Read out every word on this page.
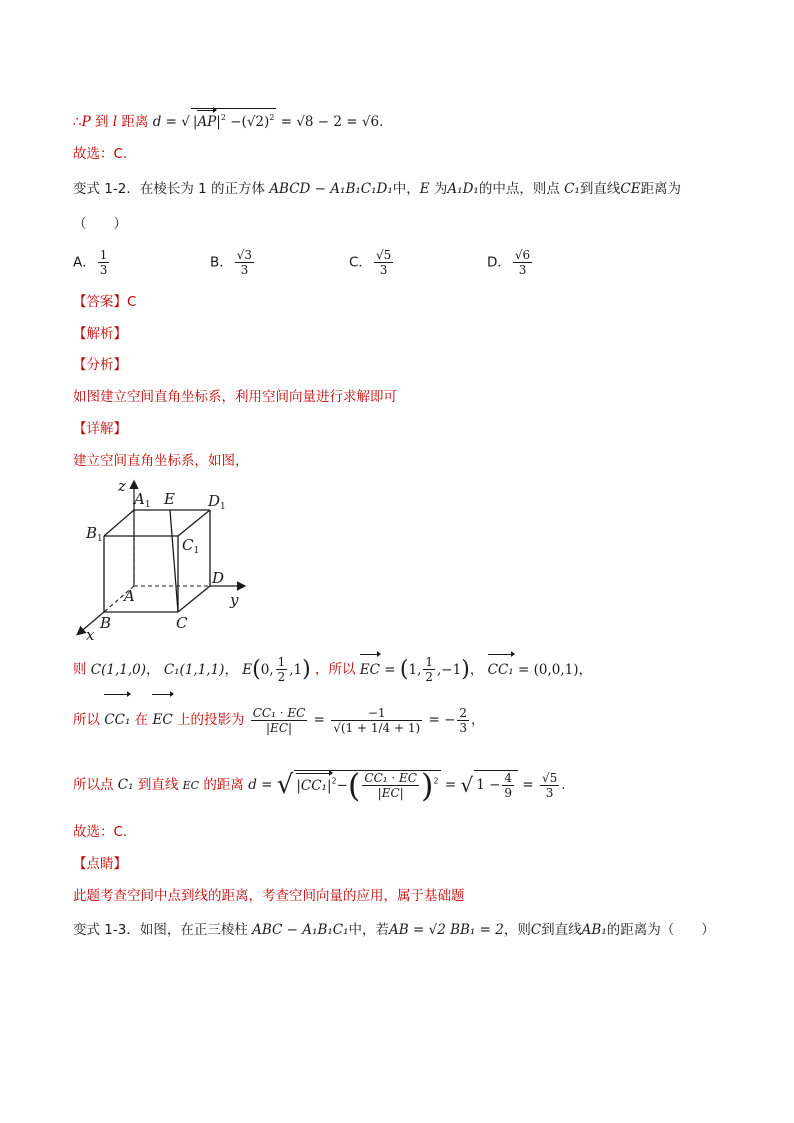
∴P 到 l 距离 d = √ $|AP|^2 -(√2)^2 = √8 - 2 = √6$.
故选：C.
变式 1-2．在棱长为 1 的正方体 ABCD − A₁B₁C₁D₁中，E 为A₁D₁的中点，则点 C₁到直线CE距离为
（　　）
A． $\frac{1}{3}$	B． $\frac{√3}{3}$	C． $\frac{√5}{3}$	D． $\frac{√6}{3}$
【答案】C
【解析】
【分析】
如图建立空间直角坐标系，利用空间向量进行求解即可
【详解】
建立空间直角坐标系，如图，
z
y
x
$A_1$ E $D_1$
$B_1$	$C_1$
D
A
B	C
则 C(1,1,0)， C₁(1,1,1)， E(0, $\frac{1}{2} ,1$) ，所以 EC = (1, $\frac{1}{2} ,-1$)， CC₁ = (0,0,1)，
所以 CC₁ 在 EC 上的投影为 $\frac{\text{CC₁ · EC}}{|EC|} = \frac{-1}{√(1 + 1/4 + 1)}$ = − $\frac{2}{3}$ ，
所以点 C₁ 到直线 EC 的距离 d = √ $|CC_1|^2-( \frac{\text{CC₁ · EC}}{|EC|} )^2$ = √ $1 - \frac{4}{9} = \frac{√5}{3}$ .
故选：C.
【点睛】
此题考查空间中点到线的距离，考查空间向量的应用，属于基础题
变式 1-3．如图，在正三棱柱 ABC − A₁B₁C₁中，若AB = √2 BB₁ = 2，则C到直线AB₁的距离为（　　）
